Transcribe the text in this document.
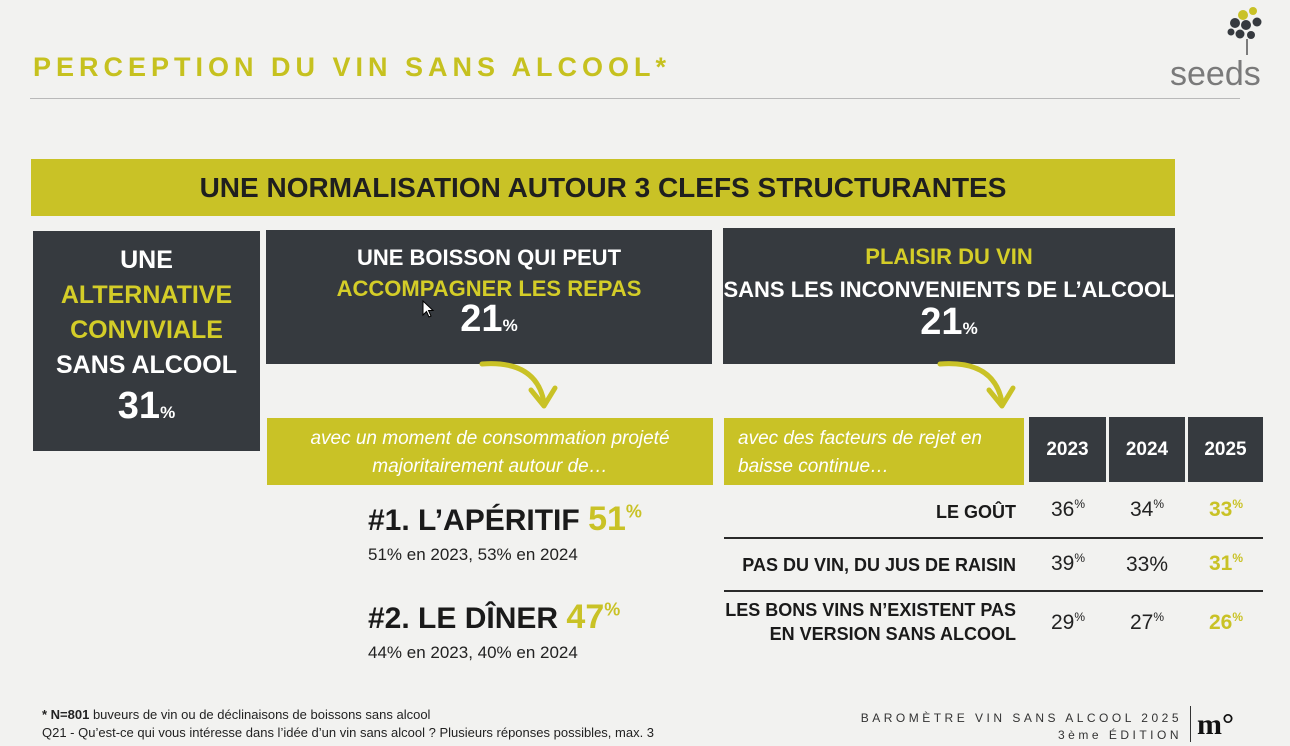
PERCEPTION DU VIN SANS ALCOOL*	seeds
UNE NORMALISATION AUTOUR 3 CLEFS STRUCTURANTES
UNE
ALTERNATIVE
CONVIVIALE
SANS ALCOOL
31%
UNE BOISSON QUI PEUT
ACCOMPAGNER LES REPAS
21%
PLAISIR DU VIN
SANS LES INCONVENIENTS DE L’ALCOOL
21%
avec un moment de consommation projeté
majoritairement autour de…
#1. L’APÉRITIF 51%
51% en 2023, 53% en 2024
#2. LE DÎNER 47%
44% en 2023, 40% en 2024
avec des facteurs de rejet en
baisse continue…
2023	2024	2025
LE GOÛT	36%	34%	33%
PAS DU VIN, DU JUS DE RAISIN	39%	33%	31%
LES BONS VINS N’EXISTENT PAS
EN VERSION SANS ALCOOL	29%	27%	26%
* N=801 buveurs de vin ou de déclinaisons de boissons sans alcool
Q21 - Qu’est-ce qui vous intéresse dans l’idée d’un vin sans alcool ? Plusieurs réponses possibles, max. 3
BAROMÈTRE VIN SANS ALCOOL 2025
3ème ÉDITION m°
